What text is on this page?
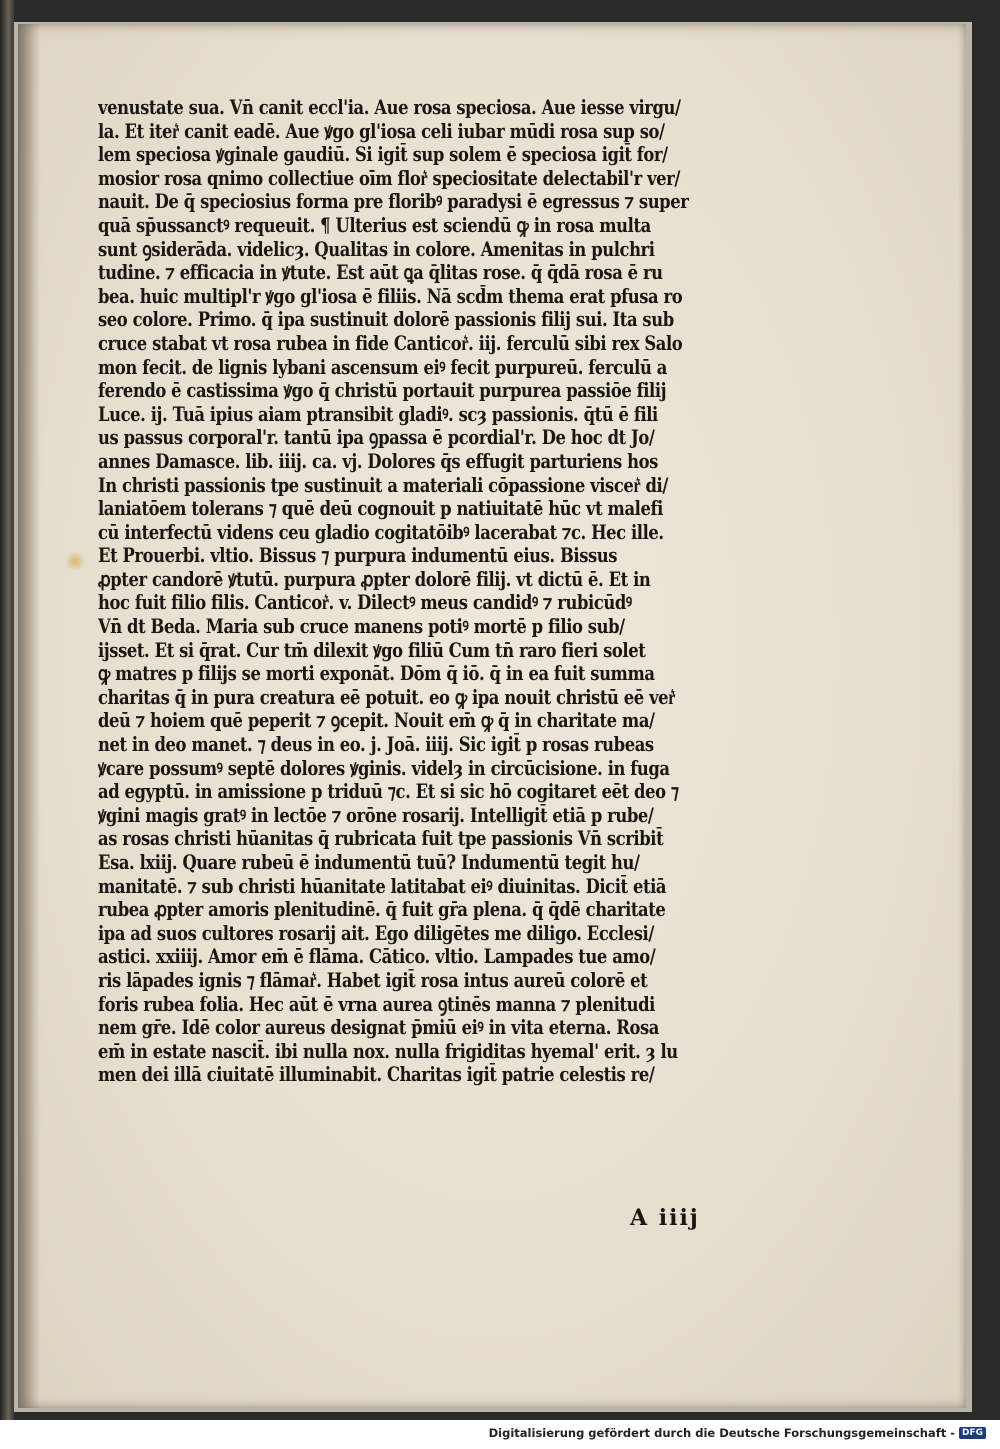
venustate sua. Vn̄ canit eccl'ia. Aue rosa speciosa. Aue iesse virgu/
la. Et iter͛ canit eadē. Aue ꝟgo gl'iosa celi iubar mūdi rosa sup so/
lem speciosa ꝟginale gaudiū. Si igit̄ sup solem ē speciosa igit̄ for/
mosior rosa qnimo collectiue oīm flor͛ speciositate delectabil'r ver/
nauit. De q̄ speciosius forma pre floribꝰ paradysi ē egressus ⁊ super
quā sp̄ussanctꝰ requeuit. ¶ Ulterius est sciendū ꝙ in rosa multa
sunt ꝯsiderāda. videlicȝ. Qualitas in colore. Amenitas in pulchri
tudine. ⁊ efficacia in ꝟtute. Est aūt ꝗa q̄litas rose. q̄ q̄dā rosa ē ru
bea. huic multipl'r ꝟgo gl'iosa ē filiis. Nā scd̄m thema erat pfusa ro
seo colore. Primo. q̄ ipa sustinuit dolorē passionis filij sui. Ita sub
cruce stabat vt rosa rubea in fide Canticor͛. iij. ferculū sibi rex Salo
mon fecit. de lignis lybani ascensum eiꝰ fecit purpureū. ferculū a
ferendo ē castissima ꝟgo q̄ christū portauit purpurea passiōe filij
Luce. ij. Tuā ipius aiam ptransibit gladiꝰ. scȝ passionis. q̄tū ē fili
us passus corporal'r. tantū ipa ꝯpassa ē pcordial'r. De hoc dt Jo/
annes Damasce. lib. iiij. ca. vj. Dolores q̄s effugit parturiens hos
In christi passionis tpe sustinuit a materiali cōpassione viscer͛ di/
laniatōem tolerans ⁊ quē deū cognouit p natiuitatē hūc vt malefi
cū interfectū videns ceu gladio cogitatōibꝰ lacerabat ⁊c. Hec ille.
Et Prouerbi. vltio. Bissus ⁊ purpura indumentū eius. Bissus
ꝓpter candorē ꝟtutū. purpura ꝓpter dolorē filij. vt dictū ē. Et in
hoc fuit filio filis. Canticor͛. v. Dilectꝰ meus candidꝰ ⁊ rubicūdꝰ
Vn̄ dt Beda. Maria sub cruce manens potiꝰ mortē p filio sub/
ijsset. Et si q̄rat. Cur tm̄ dilexit ꝟgo filiū Cum tn̄ raro fieri solet
ꝙ matres p filijs se morti exponāt. Dōm q̄ iō. q̄ in ea fuit summa
charitas q̄ in pura creatura eē potuit. eo ꝙ ipa nouit christū eē ver͛
deū ⁊ hoiem quē peperit ⁊ ꝯcepit. Nouit em̄ ꝙ q̄ in charitate ma/
net in deo manet. ⁊ deus in eo. j. Joā. iiij. Sic igit̄ p rosas rubeas
ꝟcare possumꝰ septē dolores ꝟginis. videlȝ in circūcisione. in fuga
ad egyptū. in amissione p triduū ⁊c. Et si sic hō cogitaret eēt deo ⁊
ꝟgini magis gratꝰ in lectōe ⁊ orōne rosarij. Intelligit̄ etiā p rube/
as rosas christi hūanitas q̄ rubricata fuit tpe passionis Vn̄ scribit̄
Esa. lxiij. Quare rubeū ē indumentū tuū? Indumentū tegit hu/
manitatē. ⁊ sub christi hūanitate latitabat eiꝰ diuinitas. Dicit̄ etiā
rubea ꝓpter amoris plenitudinē. q̄ fuit gr̄a plena. q̄ q̄dē charitate
ipa ad suos cultores rosarij ait. Ego diligētes me diligo. Ecclesi/
astici. xxiiij. Amor em̄ ē flāma. Cātico. vltio. Lampades tue amo/
ris lāpades ignis ⁊ flāmar͛. Habet igit̄ rosa intus aureū colorē et
foris rubea folia. Hec aūt ē vrna aurea ꝯtinēs manna ⁊ plenitudi
nem gr̄e. Idē color aureus designat p̄miū eiꝰ in vita eterna. Rosa
em̄ in estate nascit̄. ibi nulla nox. nulla frigiditas hyemal' erit. ȝ lu
men dei illā ciuitatē illuminabit. Charitas igit̄ patrie celestis re/
A iiij
Digitalisierung gefördert durch die Deutsche Forschungsgemeinschaft - DFG
